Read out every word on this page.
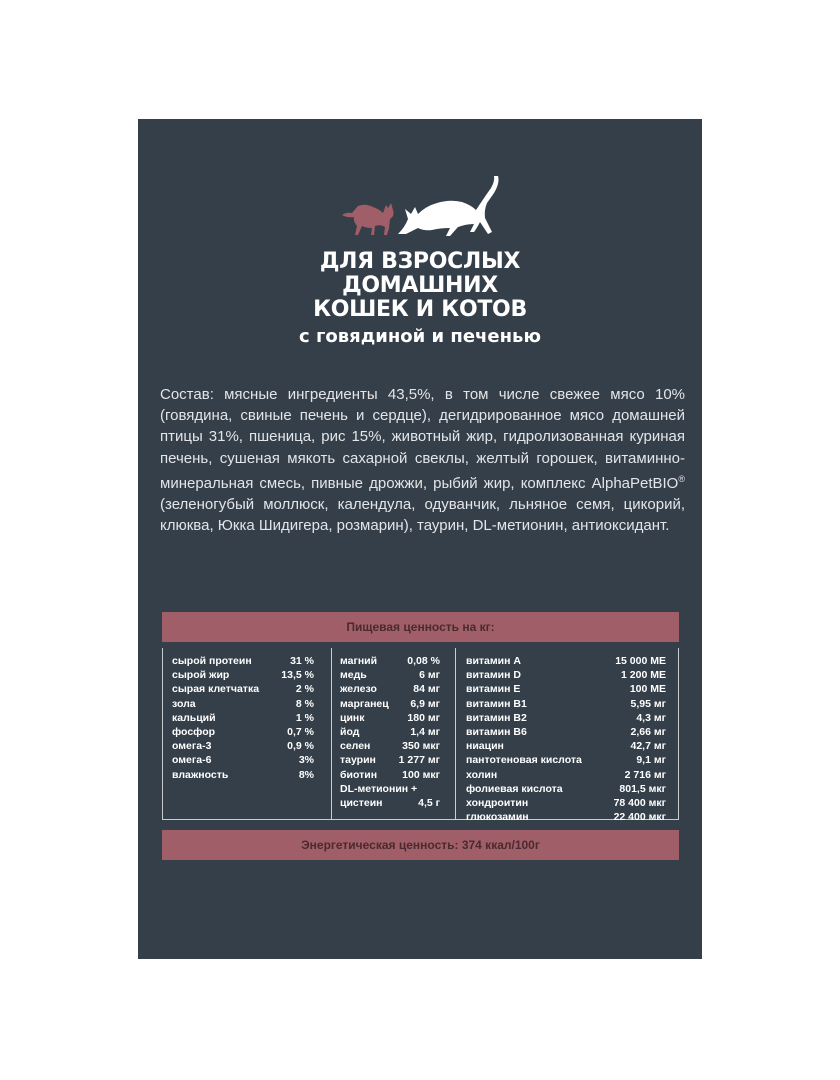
ДЛЯ ВЗРОСЛЫХ
ДОМАШНИХ
КОШЕК И КОТОВ
с говядиной и печенью

Состав: мясные ингредиенты 43,5%, в том числе свежее мясо 10% (говядина, свиные печень и сердце), дегидрированное мясо домашней птицы 31%, пшеница, рис 15%, животный жир, гидролизованная куриная печень, сушеная мякоть сахарной свеклы, желтый горошек, витаминно-минеральная смесь, пивные дрожжи, рыбий жир, комплекс AlphaPetBIO® (зеленогубый моллюск, календула, одуванчик, льняное семя, цикорий, клюква, Юкка Шидигера, розмарин), таурин, DL-метионин, антиоксидант.

Пищевая ценность на кг:
сырой протеин	31 %
сырой жир	13,5 %
сырая клетчатка	2 %
зола	8 %
кальций	1 %
фосфор	0,7 %
омега-3	0,9 %
омега-6	3%
влажность	8%
магний	0,08 %
медь	6 мг
железо	84 мг
марганец 6,9 мг
цинк	180 мг
йод	1,4 мг
селен	350 мкг
таурин 1 277 мг
биотин 100 мкг
DL-метионин +
цистеин	4,5 г
витамин A	15 000 МЕ
витамин D	1 200 МЕ
витамин E	100 МЕ
витамин B1	5,95 мг
витамин B2	4,3 мг
витамин B6	2,66 мг
ниацин	42,7 мг
пантотеновая кислота	9,1 мг
холин	2 716 мг
фолиевая кислота	801,5 мкг
хондроитин	78 400 мкг
глюкозамин	22 400 мкг
Энергетическая ценность: 374 ккал/100г
